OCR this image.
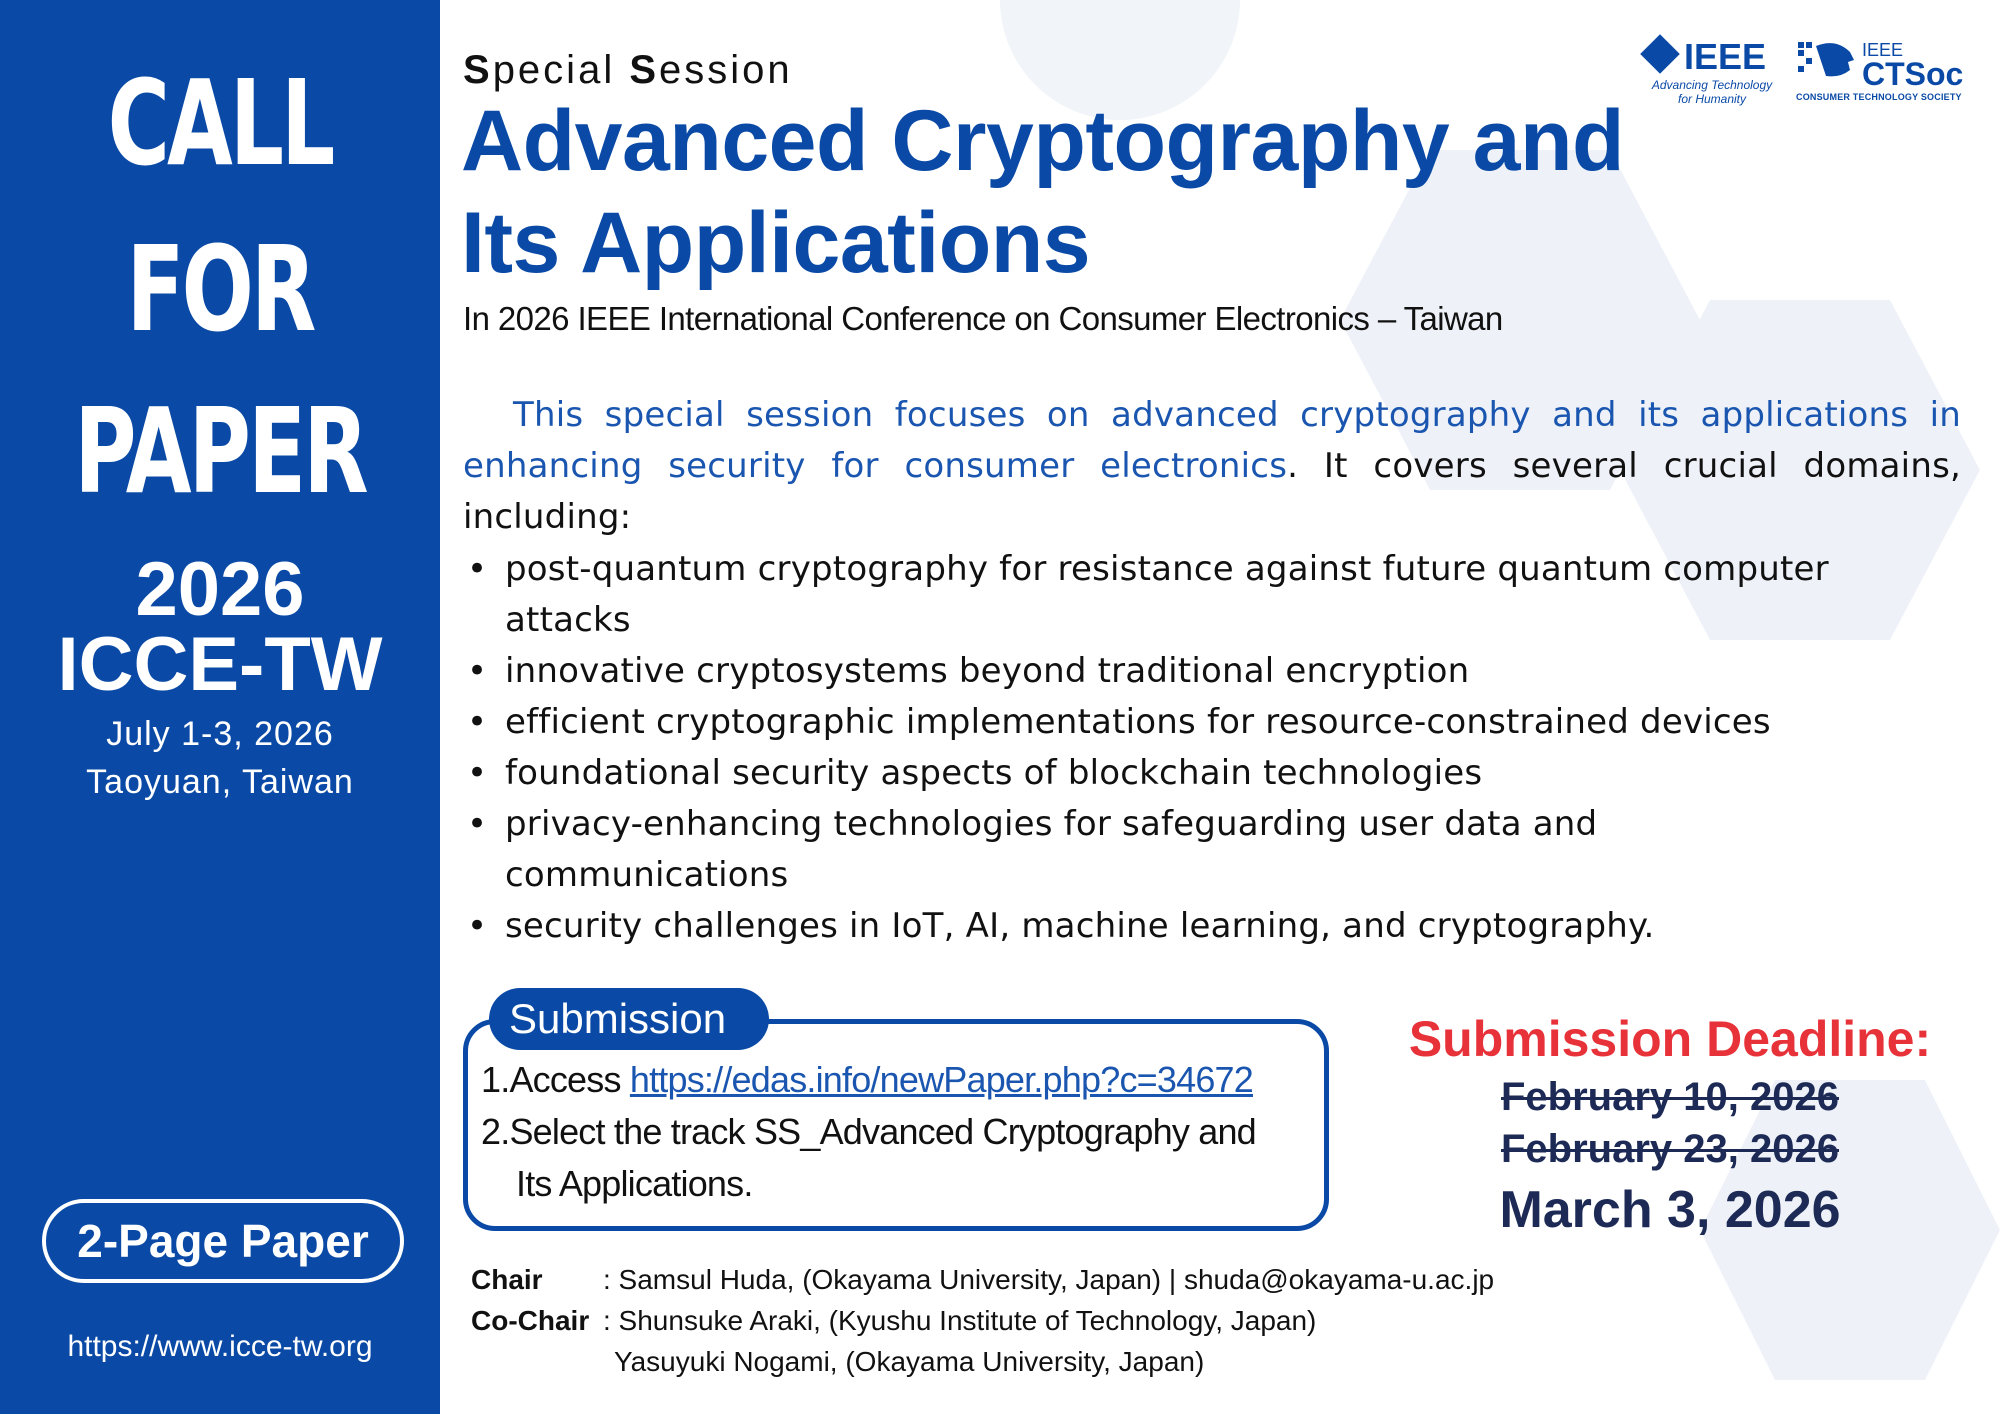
CALL
FOR
PAPER
2026
ICCE-TW
July 1-3, 2026
Taoyuan, Taiwan
2-Page Paper
https://www.icce-tw.org
IEEE
Advancing Technology
for Humanity
IEEE
CTSoc
CONSUMER TECHNOLOGY SOCIETY
Special Session
Advanced Cryptography and
Its Applications
In 2026 IEEE International Conference on Consumer Electronics – Taiwan
This special session focuses on advanced cryptography and its applications in enhancing security for consumer electronics. It covers several crucial domains, including:
• post-quantum cryptography for resistance against future quantum computer attacks
• innovative cryptosystems beyond traditional encryption
• efficient cryptographic implementations for resource-constrained devices
• foundational security aspects of blockchain technologies
• privacy-enhancing technologies for safeguarding user data and communications
• security challenges in IoT, AI, machine learning, and cryptography.
Submission
1.Access https://edas.info/newPaper.php?c=34672
2.Select the track SS_Advanced Cryptography and
Its Applications.
Submission Deadline:
February 10, 2026
February 23, 2026
March 3, 2026
Chair : Samsul Huda, (Okayama University, Japan) | shuda@okayama-u.ac.jp
Co-Chair : Shunsuke Araki, (Kyushu Institute of Technology, Japan)
Yasuyuki Nogami, (Okayama University, Japan)
